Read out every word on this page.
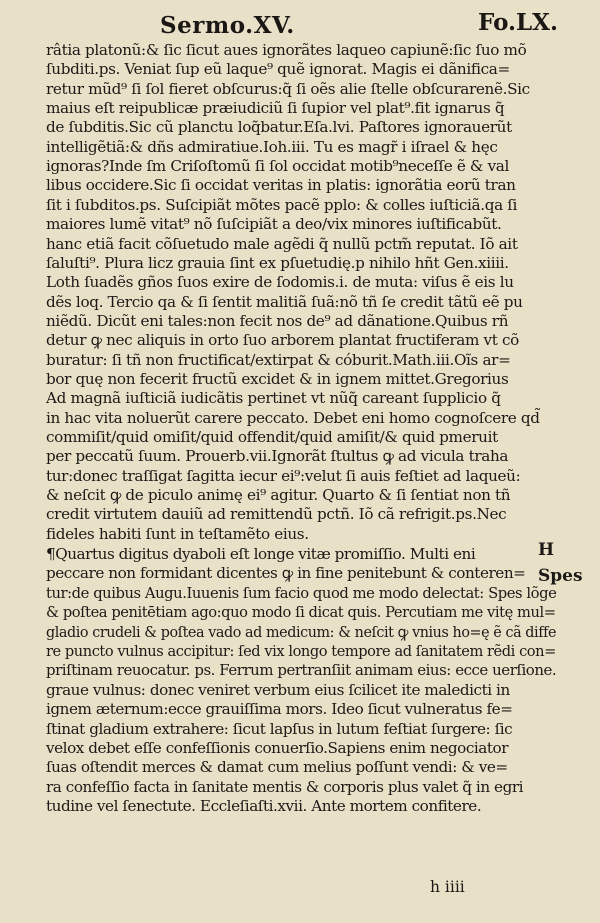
Sermo.XV.	Fo.LX.
râtia platonũ:& ſic ſicut aues ignorãtes laqueo capiunẽ:ſic ſuo mõ
ſubditi.ps. Veniat ſup eũ laque⁹ quẽ ignorat. Magis ei dãnifica=
retur mũd⁹ ſi ſol fieret obſcurus:q̃ ſi oẽs alie ſtelle obſcurarenẽ.Sic
maius eſt reipublicæ præiudiciũ ſi ſupior vel plat⁹.fit ignarus q̃
de ſubditis.Sic cũ planctu loq̃batur.Eſa.lvi. Paſtores ignorauerũt
intelligẽtiã:& dñs admiratiue.Ioh.iii. Tu es magr̃ i iſrael & hęc
ignoras?Inde ſm Criſoſtomũ ſi ſol occidat motib⁹neceſſe ẽ & val
libus occidere.Sic ſi occidat veritas in platis: ignorãtia eorũ tran
ſit i ſubditos.ps. Suſcipiãt mõtes pacẽ pplo: & colles iuſticiã.qa ſi
maiores lumẽ vitat⁹ nõ ſuſcipiãt a deo/vix minores iuſtificabũt.
hanc etiã facit cõſuetudo male agẽdi q̃ nullũ pctm̃ reputat. Iõ ait
ſaluſti⁹. Plura licz grauia ſint ex pſuetudię.p nihilo hñt Gen.xiiii.
Loth ſuadẽs gños ſuos exire de ſodomis.i. de muta: viſus ẽ eis lu
dẽs loq. Tercio qa & ſi ſentit malitiã ſuã:nõ tñ ſe credit tãtũ eẽ pu
niẽdũ. Dicũt eni tales:non fecit nos de⁹ ad dãnatione.Quibus rñ
detur ꝙ nec aliquis in orto ſuo arborem plantat fructiferam vt cõ
buratur: ſi tñ non fructificat/extirpat & cóburit.Math.iii.Oĩs ar=
bor quę non fecerit fructũ excidet & in ignem mittet.Gregorius
Ad magnã iuſticiã iudicãtis pertinet vt nũq̃ careant ſupplicio q̃
in hac vita noluerũt carere peccato. Debet eni homo cognoſcere qd̃
commiſit/quid omiſit/quid offendit/quid amiſit/& quid pmeruit
per peccatũ ſuum. Prouerb.vii.Ignorãt ſtultus ꝙ ad vicula traha
tur:donec traſſigat ſagitta iecur ei⁹:velut ſi auis feſtiet ad laqueũ:
& neſcit ꝙ de piculo animę ei⁹ agitur. Quarto & ſi ſentiat non tñ
credit virtutem dauiũ ad remittendũ pctñ. Iõ cã refrigit.ps.Nec
fideles habiti ſunt in teſtamẽto eius.
¶Quartus digitus dyaboli eſt longe vitæ promiſſio. Multi eni
peccare non formidant dicentes ꝙ in fine penitebunt & conteren=
tur:de quibus Augu.Iuuenis ſum facio quod me modo delectat: Spes lõge
& poſtea penitētiam ago:quo modo ſi dicat quis. Percutiam me vitę mul=
gladio crudeli & poſtea vado ad medicum: & neſcit ꝙ vnius ho=ę ẽ cã diffe
re puncto vulnus accipitur: ſed vix longo tempore ad ſanitatem rẽdi con=
priſtinam reuocatur. ps. Ferrum pertranſiit animam eius: ecce uerſione.
graue vulnus: donec veniret verbum eius ſcilicet ite maledicti in
ignem æternum:ecce grauiſſima mors. Ideo ſicut vulneratus fe=
ſtinat gladium extrahere: ſicut lapſus in lutum feſtiat ſurgere: ſic
velox debet eſſe confeſſionis conuerſio.Sapiens enim negociator
ſuas oſtendit merces & damat cum melius poſſunt vendi: & ve=
ra confeſſio facta in ſanitate mentis & corporis plus valet q̃ in egri
tudine vel ſenectute. Eccleſiaſti.xvii. Ante mortem confitere.
H
Spes
h iiii
